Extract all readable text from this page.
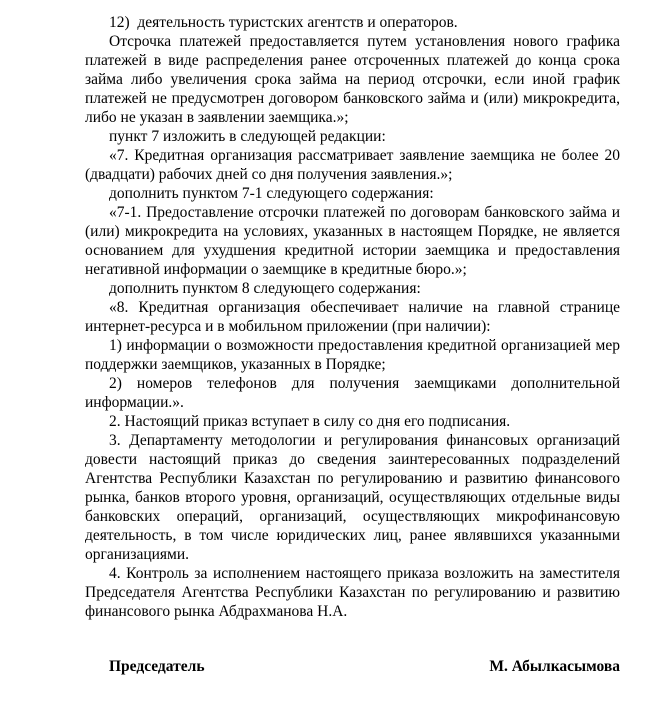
12)  деятельность туристских агентств и операторов.

Отсрочка платежей предоставляется путем установления нового графика платежей в виде распределения ранее отсроченных платежей до конца срока займа либо увеличения срока займа на период отсрочки, если иной график платежей не предусмотрен договором банковского займа и (или) микрокредита, либо не указан в заявлении заемщика.»;

пункт 7 изложить в следующей редакции:

«7. Кредитная организация рассматривает заявление заемщика не более 20 (двадцати) рабочих дней со дня получения заявления.»;

дополнить пунктом 7-1 следующего содержания:

«7-1. Предоставление отсрочки платежей по договорам банковского займа и (или) микрокредита на условиях, указанных в настоящем Порядке, не является основанием для ухудшения кредитной истории заемщика и предоставления негативной информации о заемщике в кредитные бюро.»;

дополнить пунктом 8 следующего содержания:

«8. Кредитная организация обеспечивает наличие на главной странице интернет-ресурса и в мобильном приложении (при наличии):

1) информации о возможности предоставления кредитной организацией мер поддержки заемщиков, указанных в Порядке;

2) номеров телефонов для получения заемщиками дополнительной информации.».

2. Настоящий приказ вступает в силу со дня его подписания.

3. Департаменту методологии и регулирования финансовых организаций довести настоящий приказ до сведения заинтересованных подразделений Агентства Республики Казахстан по регулированию и развитию финансового рынка, банков второго уровня, организаций, осуществляющих отдельные виды банковских операций, организаций, осуществляющих микрофинансовую деятельность, в том числе юридических лиц, ранее являвшихся указанными организациями.

4. Контроль за исполнением настоящего приказа возложить на заместителя Председателя Агентства Республики Казахстан по регулированию и развитию финансового рынка Абдрахманова Н.А.

Председатель	М. Абылкасымова
